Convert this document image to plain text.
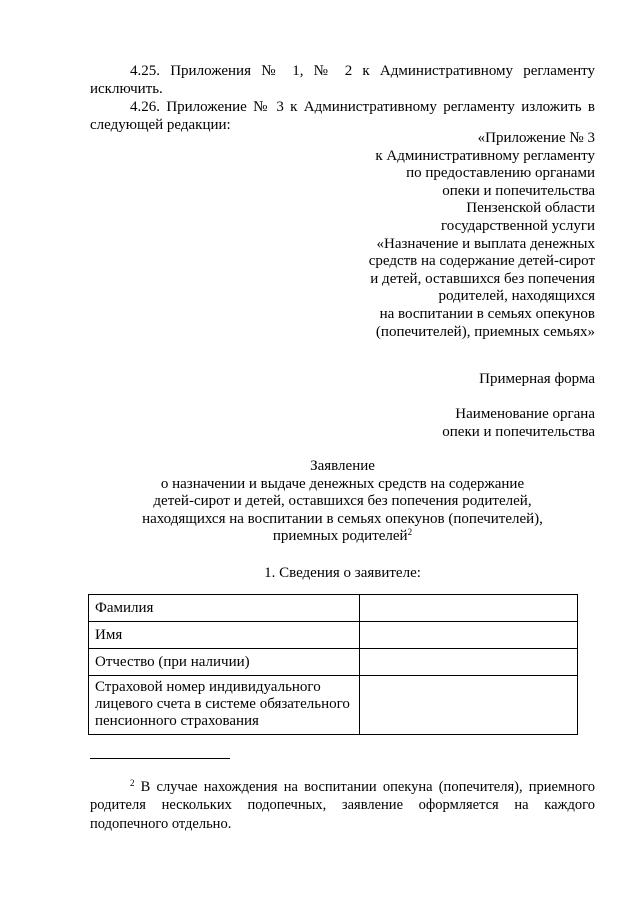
4.25. Приложения № 1, № 2 к Административному регламенту
исключить.
4.26. Приложение № 3 к Административному регламенту изложить в
следующей редакции:
«Приложение № 3
к Административному регламенту
по предоставлению органами
опеки и попечительства
Пензенской области
государственной услуги
«Назначение и выплата денежных
средств на содержание детей-сирот
и детей, оставшихся без попечения
родителей, находящихся
на воспитании в семьях опекунов
(попечителей), приемных семьях»
Примерная форма
Наименование органа
опеки и попечительства
Заявление
о назначении и выдаче денежных средств на содержание
детей-сирот и детей, оставшихся без попечения родителей,
находящихся на воспитании в семьях опекунов (попечителей),
приемных родителей$^2$
1. Сведения о заявителе:
Фамилия	
Имя	
Отчество (при наличии)	
Страховой номер индивидуального лицевого счета в системе обязательного пенсионного страхования	
$^2$ В случае нахождения на воспитании опекуна (попечителя), приемного родителя нескольких подопечных, заявление оформляется на каждого подопечного отдельно.
